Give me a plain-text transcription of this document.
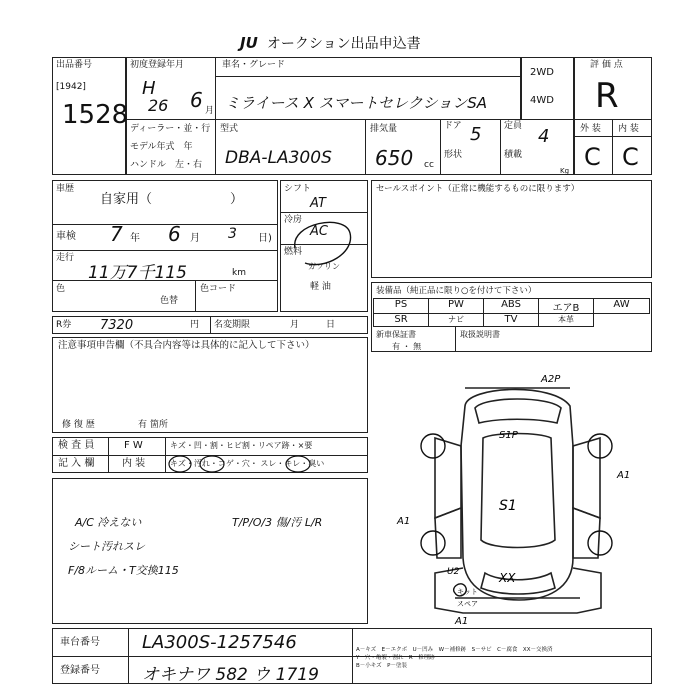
JU オークション出品申込書
出品番号
[1942]
1528
初度登録年月
H
26 6 月
車名・グレード
ミライース X スマートセレクションSA
2WD
4WD
ディーラー・並・行
モデル年式　年
ハンドル　左・右
型式
DBA-LA300S
排気量
650 cc
ドア 5	定員 4
形状	積載
Kg
評 価 点
R
外 装 内 装
C C
車歴
自家用（　　　　　　）
車検 7 年 6 月 3 日)
走行
11万7千115	km
色
色替
色コード
シフト
AT
冷房
AC
燃料
ガソリン
軽 油
R券 7320	円 名変期限	月　　　日
セールスポイント（正常に機能するものに限ります）
装備品（純正品に限り○を付けて下さい）
PS	PW	ABS	エアB	AW
SR	ナビ	TV	本革
新車保証書
有 ・ 無
取扱説明書
注意事項申告欄（不具合内容等は具体的に記入して下さい）
修 復 歴	有 箇所
検 査 員
記 入 欄
F W	キズ・凹・割・ヒビ割・リペア跡・×要
内 装	キズ・汚れ・コゲ・穴・ スレ・キレ・臭い
A/C 冷えない
シート汚れスレ
F/8ルーム・T交換115
T/P/O/3 傷/汚 L/R
A2P
S1P
S1
A1
A1
A1
XX
U2
キット
スペア
車台番号 LA300S-1257546
登録番号 オキナワ 582 ウ 1719
A－キズ　E－エクボ　U－凹み　W－補修跡　S－サビ　C－腐食　XX－交換済
Y－穴・亀裂・割れ　R－修理跡
B－小キズ　P－塗装
